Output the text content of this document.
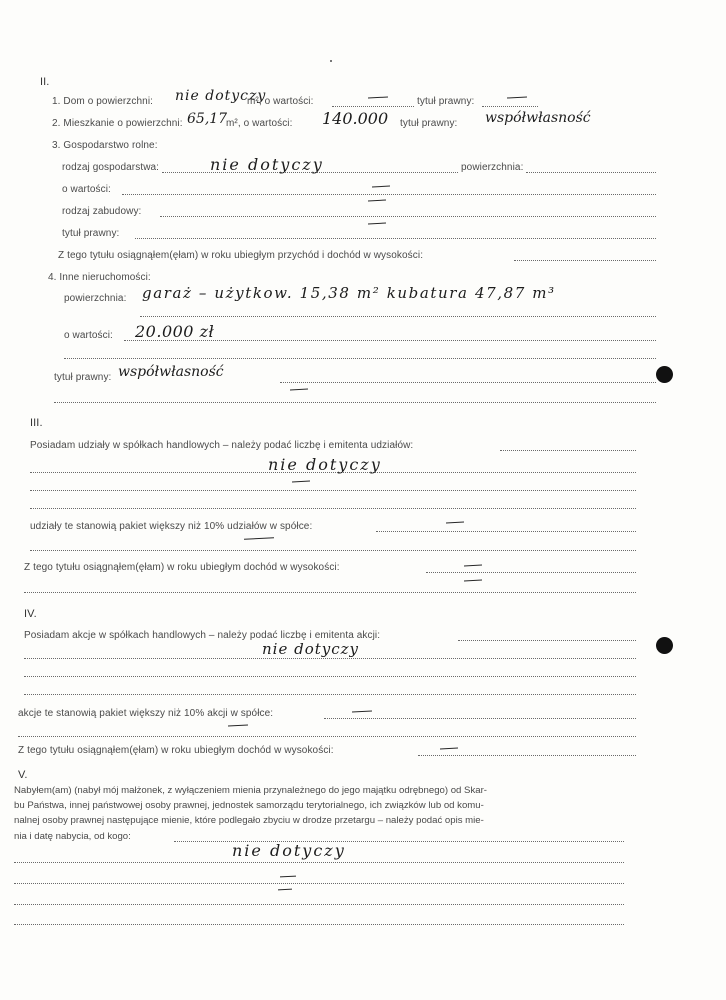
II.
1. Dom o powierzchni: nie dotyczy
m², o wartości:	tytuł prawny:
2. Mieszkanie o powierzchni: 65,17
m², o wartości: 140.000 tytuł prawny: współwłasność
3. Gospodarstwo rolne:
rodzaj gospodarstwa:	nie dotyczy	powierzchnia:
o wartości:
rodzaj zabudowy:
tytuł prawny:
Z tego tytułu osiągnąłem(ęłam) w roku ubiegłym przychód i dochód w wysokości:
4. Inne nieruchomości:
powierzchnia: garaż – użytkow. 15,38 m² kubatura 47,87 m³
o wartości: 20.000 zł
tytuł prawny: współwłasność
III.
Posiadam udziały w spółkach handlowych – należy podać liczbę i emitenta udziałów:
nie dotyczy
udziały te stanowią pakiet większy niż 10% udziałów w spółce:
Z tego tytułu osiągnąłem(ęłam) w roku ubiegłym dochód w wysokości:
IV.
Posiadam akcje w spółkach handlowych – należy podać liczbę i emitenta akcji:
nie dotyczy
akcje te stanowią pakiet większy niż 10% akcji w spółce:
Z tego tytułu osiągnąłem(ęłam) w roku ubiegłym dochód w wysokości:
V.
Nabyłem(am) (nabył mój małżonek, z wyłączeniem mienia przynależnego do jego majątku odrębnego) od Skar-
bu Państwa, innej państwowej osoby prawnej, jednostek samorządu terytorialnego, ich związków lub od komu-
nalnej osoby prawnej następujące mienie, które podlegało zbyciu w drodze przetargu – należy podać opis mie-
nia i datę nabycia, od kogo:
nie dotyczy
